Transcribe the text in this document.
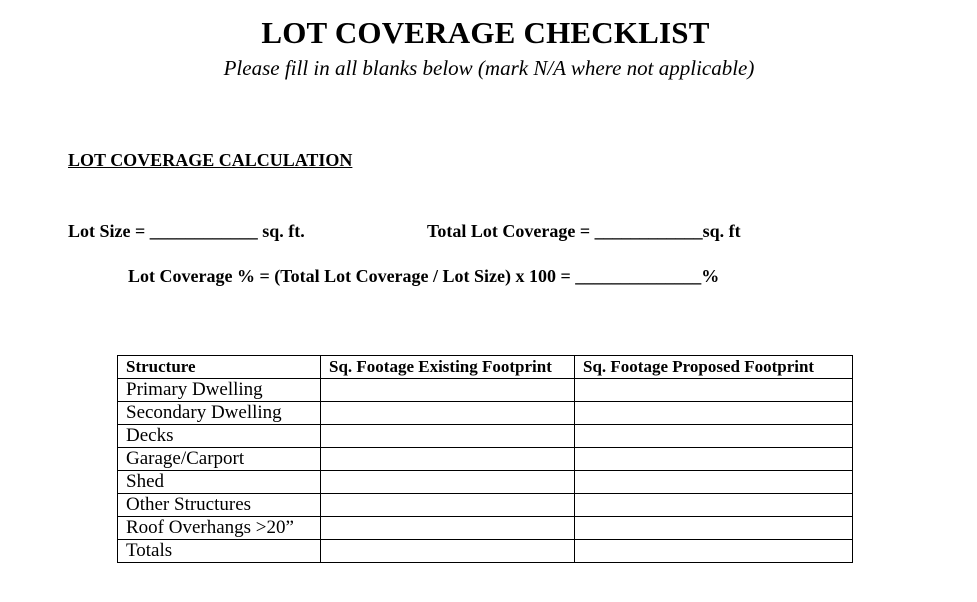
LOT COVERAGE CHECKLIST
Please fill in all blanks below (mark N/A where not applicable)
LOT COVERAGE CALCULATION
Lot Size = ____________ sq. ft.	Total Lot Coverage = ____________sq. ft
Lot Coverage % = (Total Lot Coverage / Lot Size) x 100 = ______________%
Structure	Sq. Footage Existing Footprint	Sq. Footage Proposed Footprint
Primary Dwelling		
Secondary Dwelling		
Decks		
Garage/Carport		
Shed		
Other Structures		
Roof Overhangs >20”		
Totals		
